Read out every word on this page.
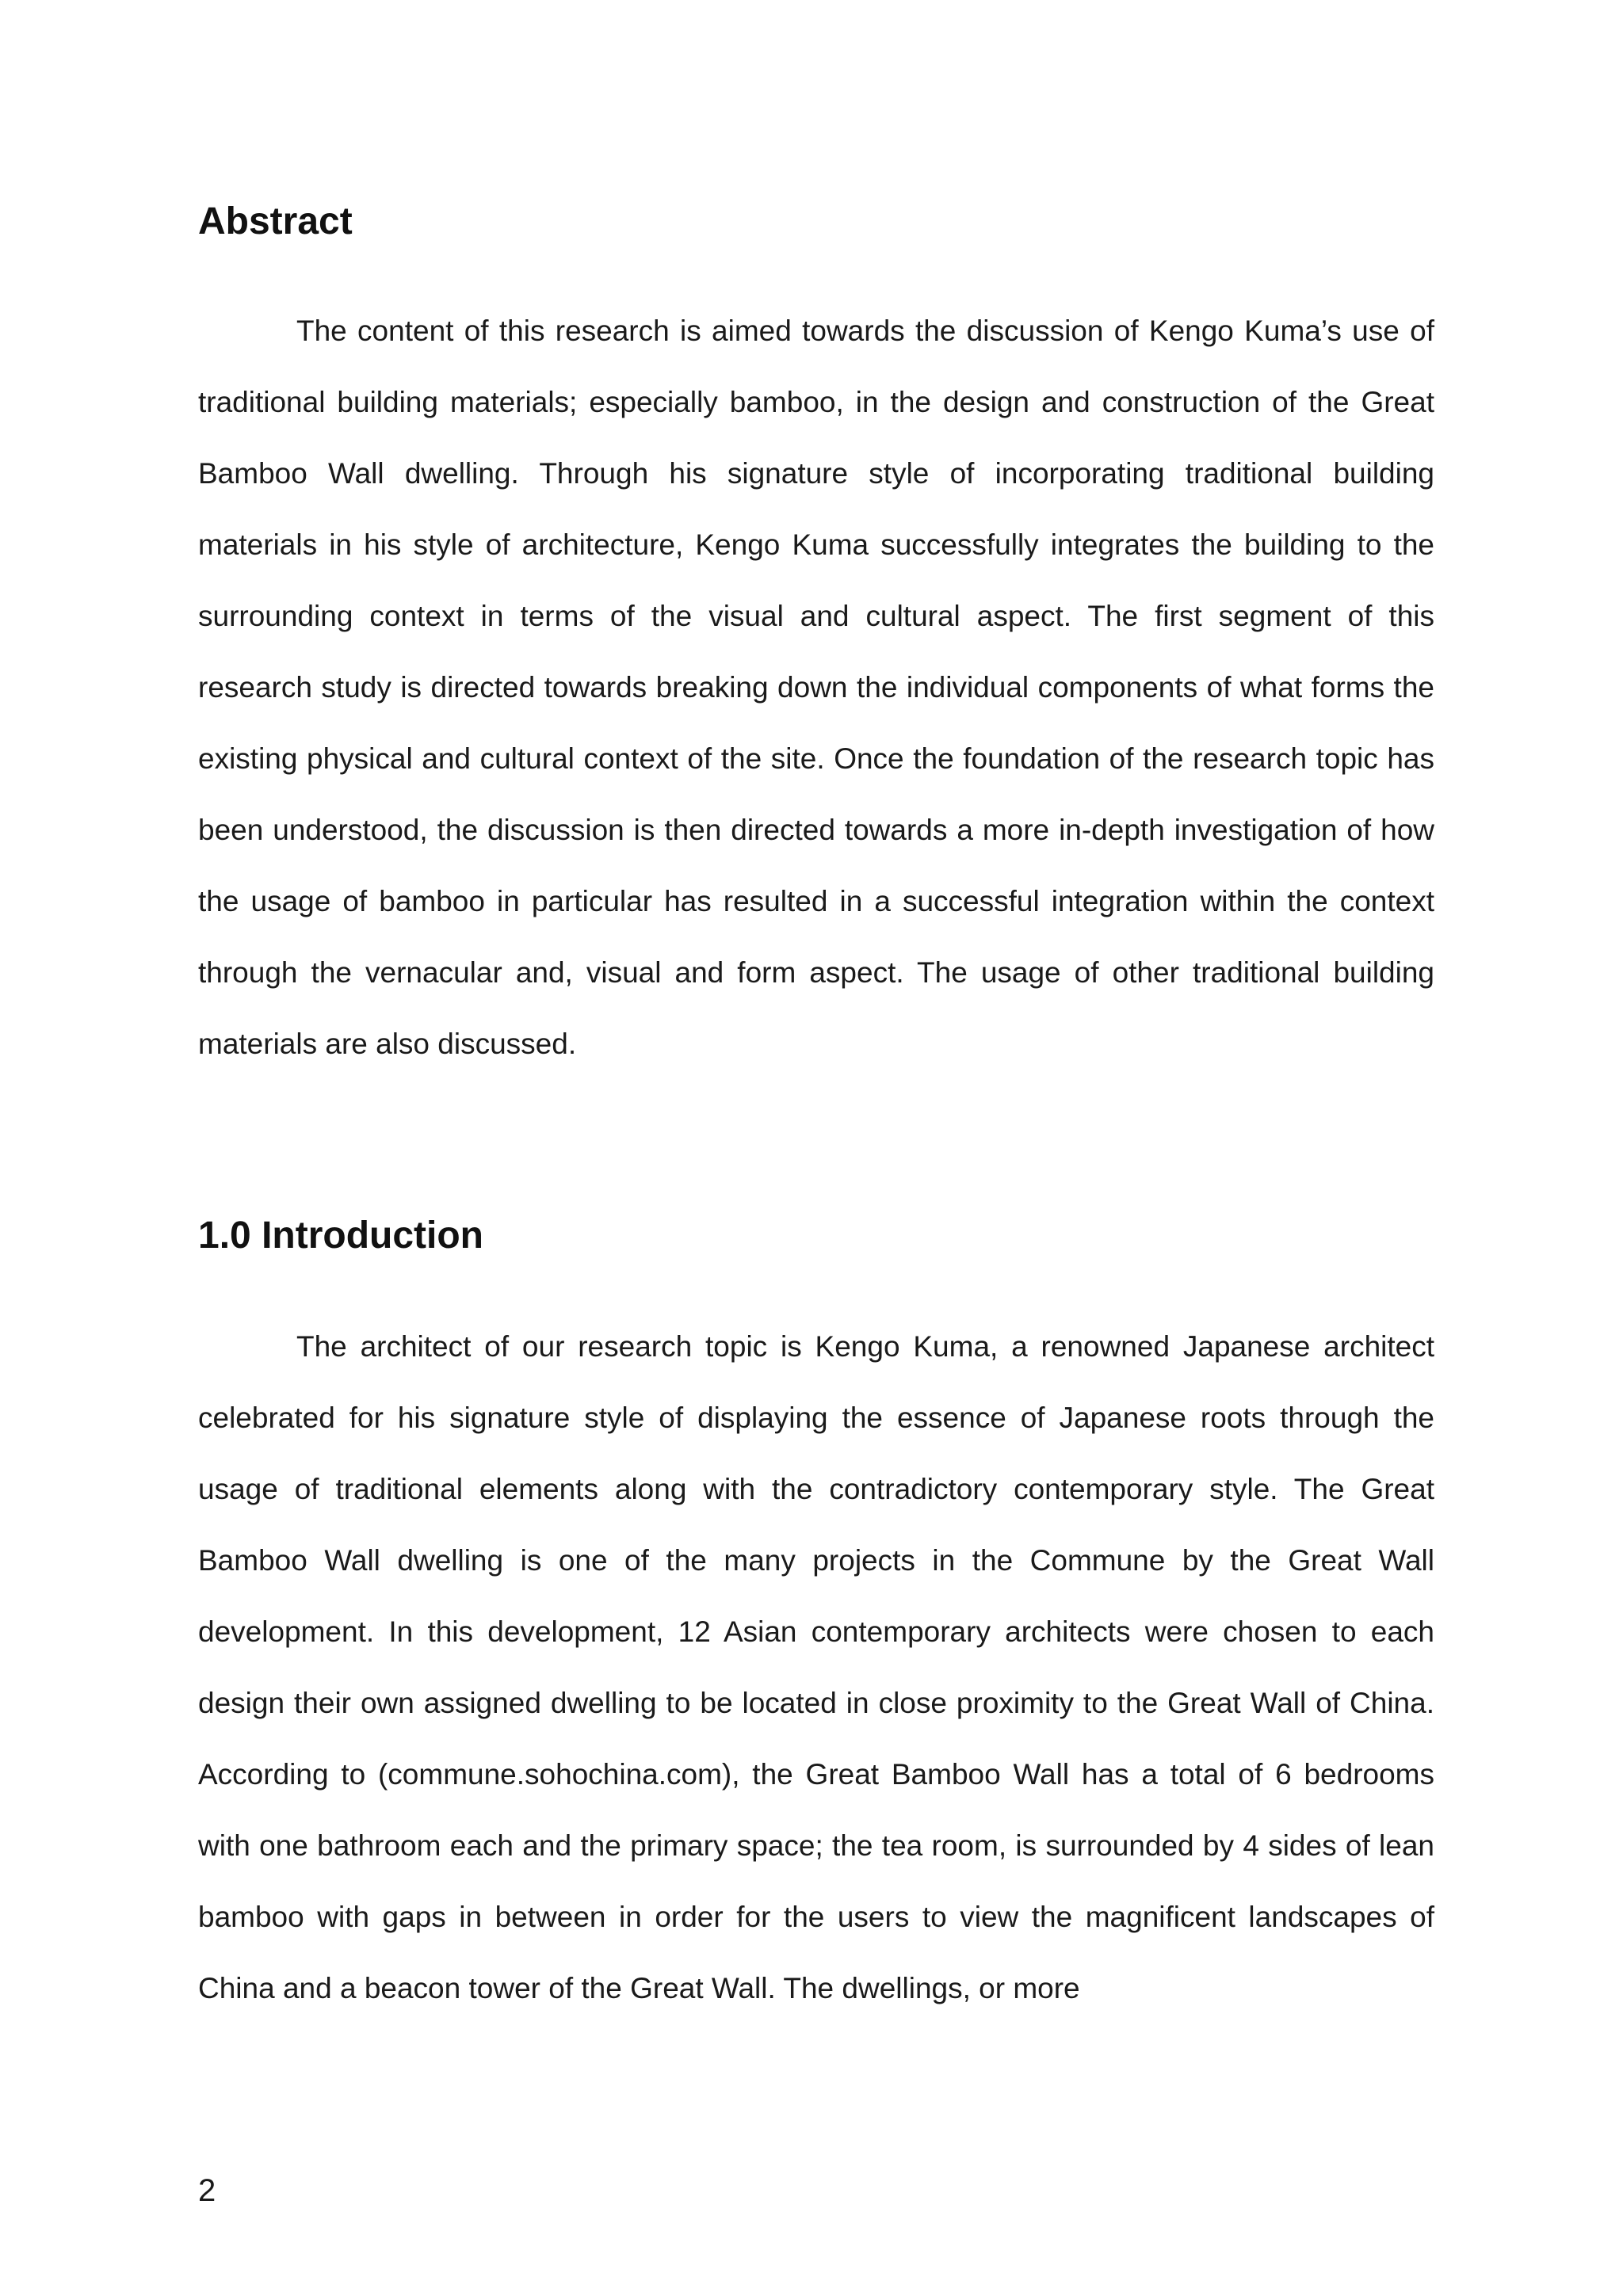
Abstract

The content of this research is aimed towards the discussion of Kengo Kuma’s use of traditional building materials; especially bamboo, in the design and construction of the Great Bamboo Wall dwelling. Through his signature style of incorporating traditional building materials in his style of architecture, Kengo Kuma successfully integrates the building to the surrounding context in terms of the visual and cultural aspect. The first segment of this research study is directed towards breaking down the individual components of what forms the existing physical and cultural context of the site. Once the foundation of the research topic has been understood, the discussion is then directed towards a more in-depth investigation of how the usage of bamboo in particular has resulted in a successful integration within the context through the vernacular and, visual and form aspect. The usage of other traditional building materials are also discussed.

1.0 Introduction

The architect of our research topic is Kengo Kuma, a renowned Japanese architect celebrated for his signature style of displaying the essence of Japanese roots through the usage of traditional elements along with the contradictory contemporary style. The Great Bamboo Wall dwelling is one of the many projects in the Commune by the Great Wall development. In this development, 12 Asian contemporary architects were chosen to each design their own assigned dwelling to be located in close proximity to the Great Wall of China. According to (commune.sohochina.com), the Great Bamboo Wall has a total of 6 bedrooms with one bathroom each and the primary space; the tea room, is surrounded by 4 sides of lean bamboo with gaps in between in order for the users to view the magnificent landscapes of China and a beacon tower of the Great Wall. The dwellings, or more

2
